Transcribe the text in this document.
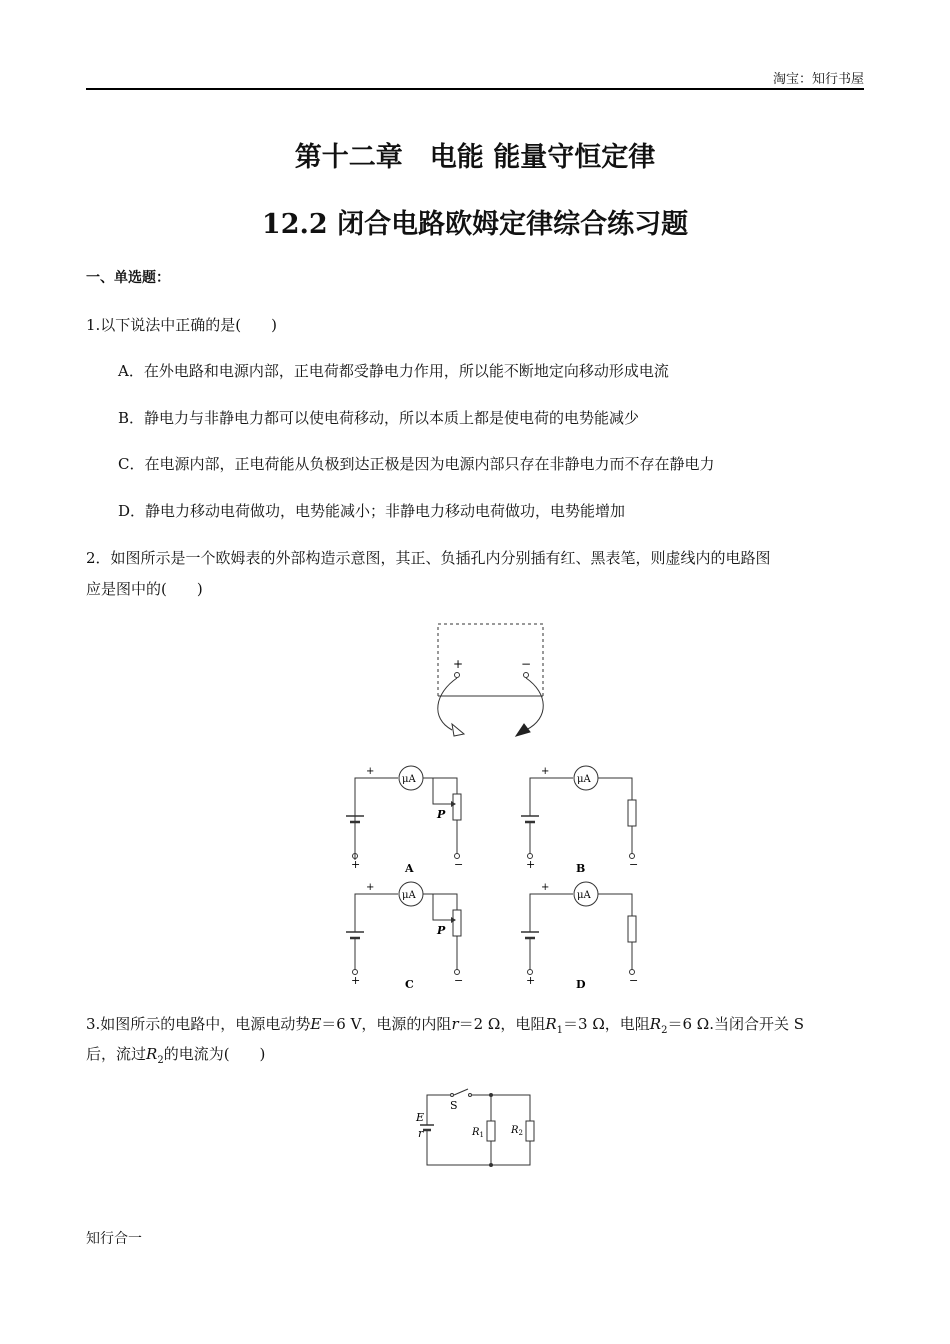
淘宝：知行书屋
第十二章　电能 能量守恒定律
12.2 闭合电路欧姆定律综合练习题
一、单选题：
1.以下说法中正确的是(　　)
A．在外电路和电源内部，正电荷都受静电力作用，所以能不断地定向移动形成电流
B．静电力与非静电力都可以使电荷移动，所以本质上都是使电荷的电势能减少
C．在电源内部，正电荷能从负极到达正极是因为电源内部只存在非静电力而不存在静电力
D．静电力移动电荷做功，电势能减小；非静电力移动电荷做功，电势能增加
2．如图所示是一个欧姆表的外部构造示意图，其正、负插孔内分别插有红、黑表笔，则虚线内的电路图
应是图中的(　　)
+	−
+
+
μA
P
−
A	+
+
μA
−
B
+
+
μA
P
−
C	+
+
μA
−
D
3.如图所示的电路中，电源电动势E＝6 V，电源的内阻r＝2 Ω，电阻$R_1=3$ Ω，电阻$R_2=6$ Ω.当闭合开关 S
后，流过$R_2$的电流为(　　)
S
E
r	$R_1$	$R_2$
知行合一
